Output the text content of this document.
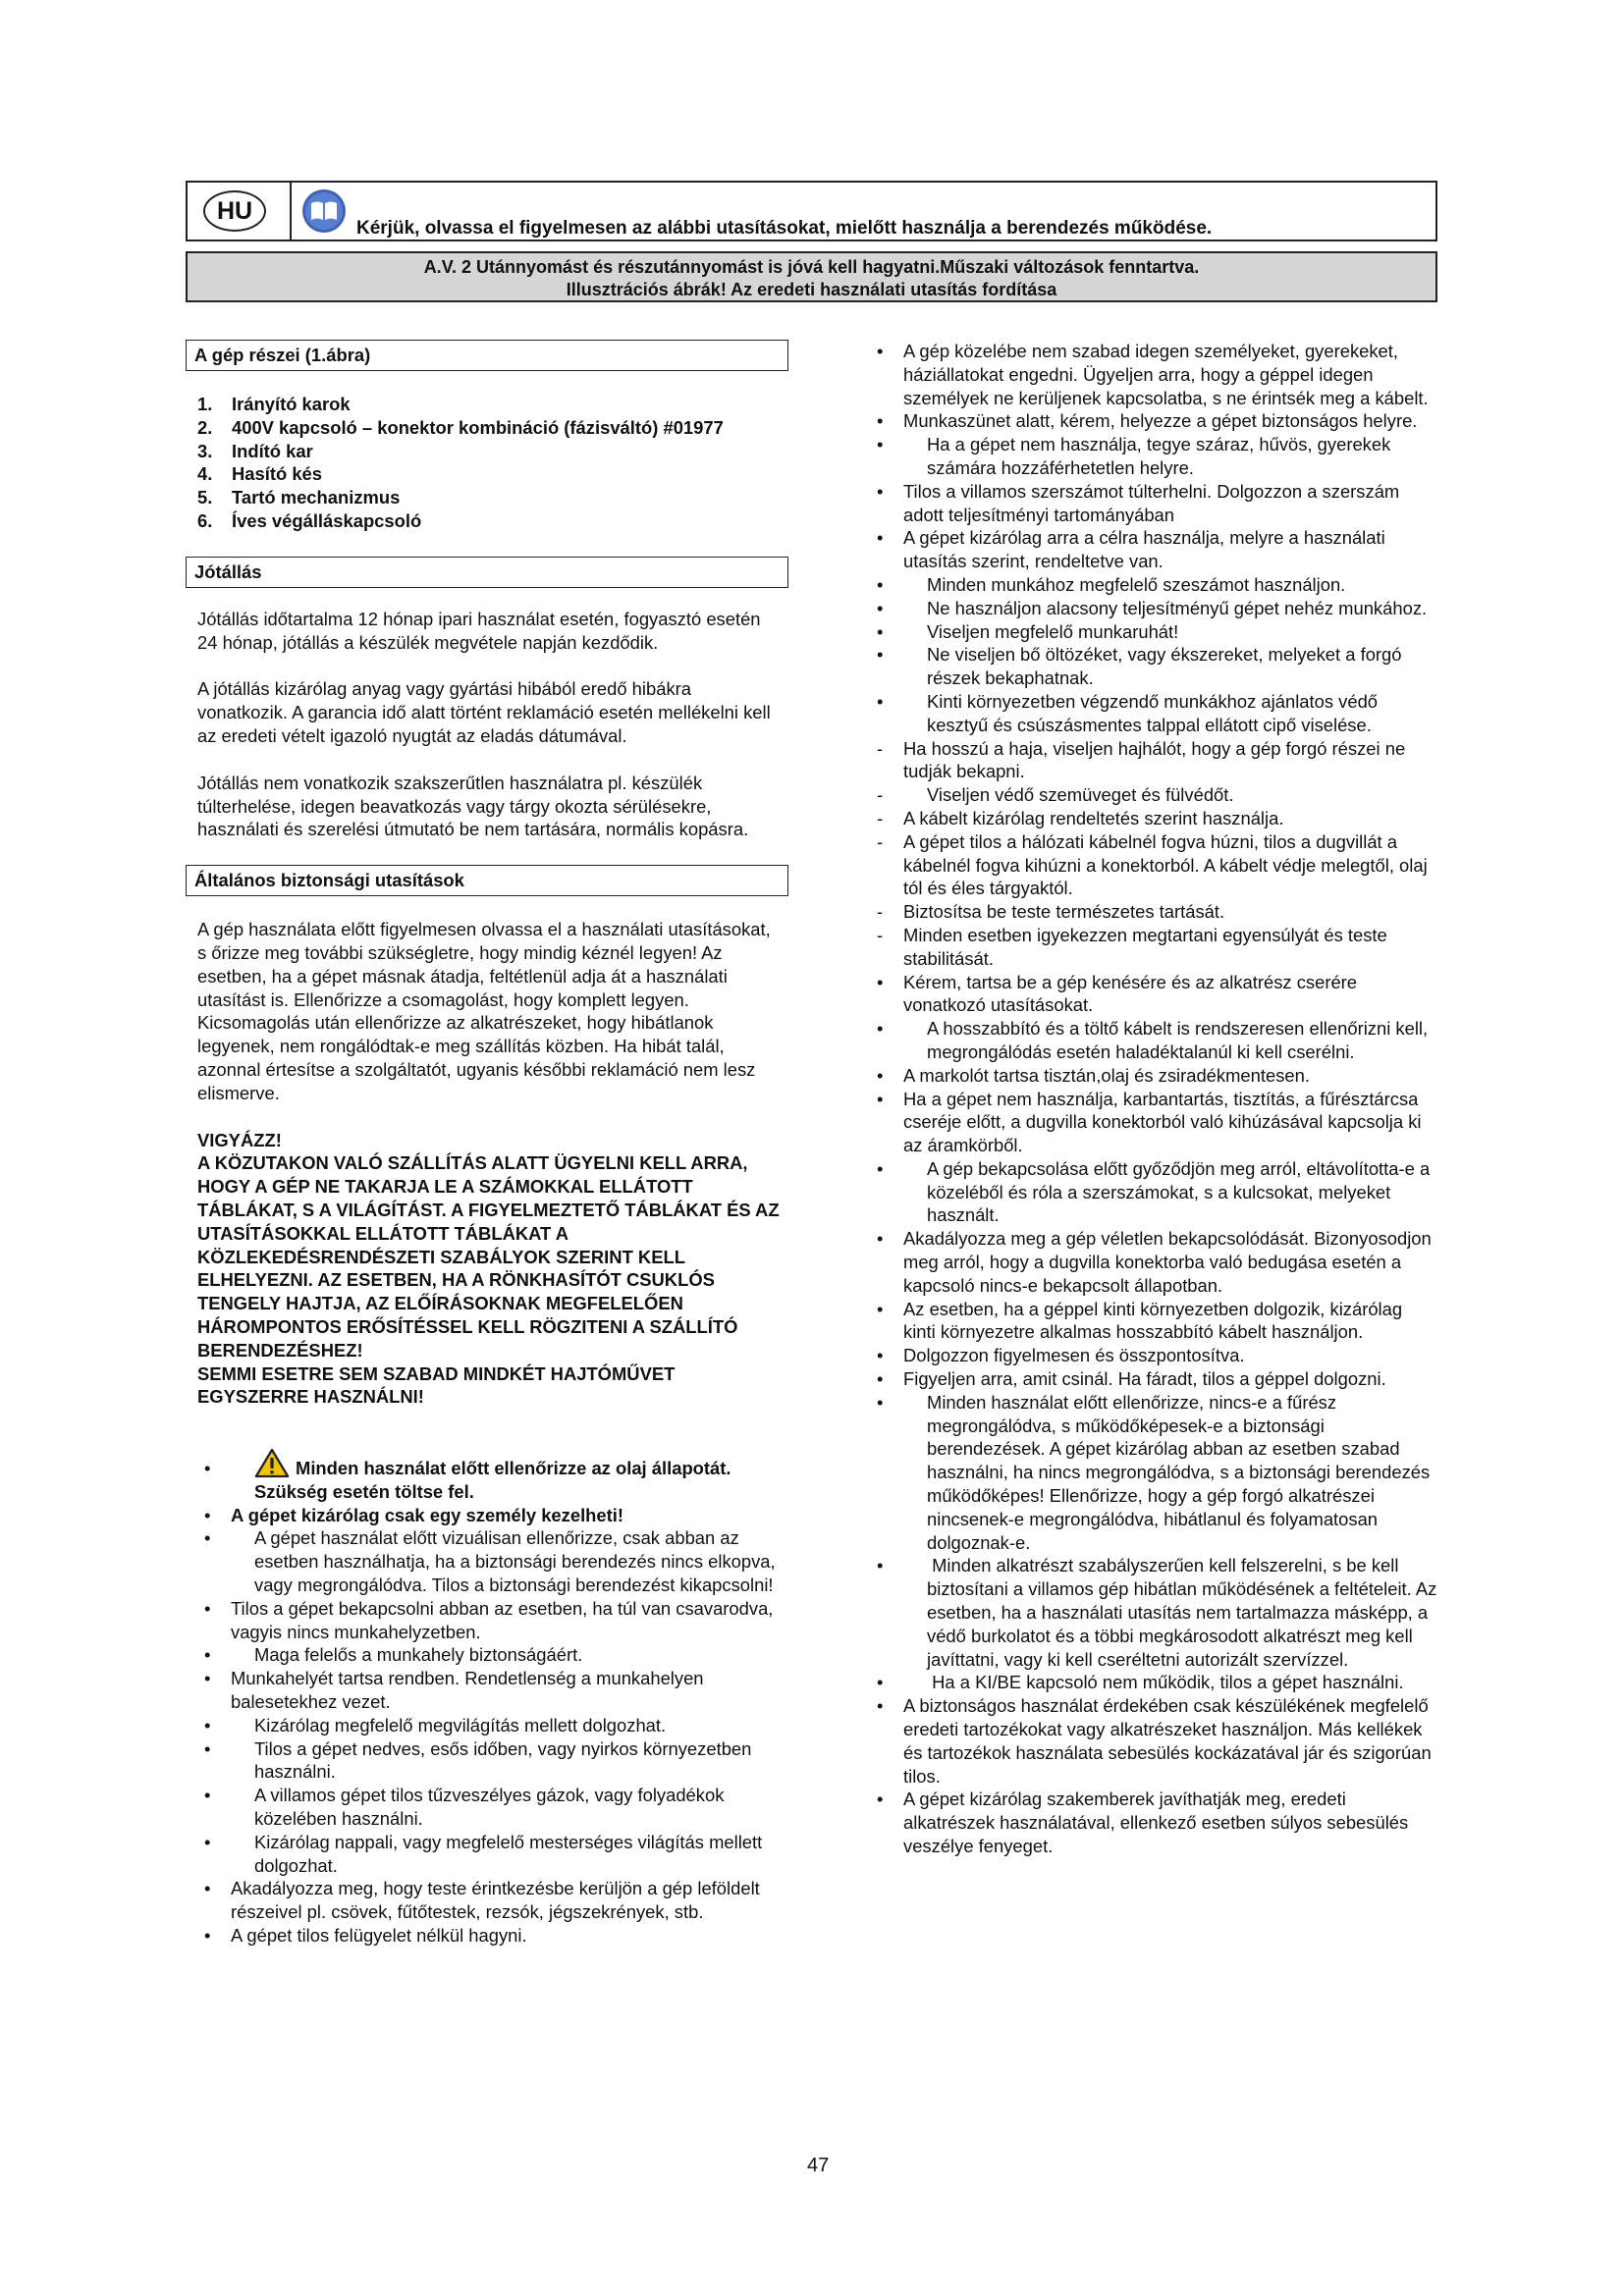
HU
Kérjük, olvassa el figyelmesen az alábbi utasításokat, mielőtt használja a berendezés működése.
A.V. 2 Utánnyomást és részutánnyomást is jóvá kell hagyatni.Műszaki változások fenntartva.
Illusztrációs ábrák! Az eredeti használati utasítás fordítása
A gép részei (1.ábra)
1. Irányító karok
2. 400V kapcsoló – konektor kombináció (fázisváltó) #01977
3. Indító kar
4. Hasító kés
5. Tartó mechanizmus
6. Íves végálláskapcsoló
Jótállás

Jótállás időtartalma 12 hónap ipari használat esetén, fogyasztó esetén 24 hónap, jótállás a készülék megvétele napján kezdődik.

A jótállás kizárólag anyag vagy gyártási hibából eredő hibákra vonatkozik. A garancia idő alatt történt reklamáció esetén mellékelni kell az eredeti vételt igazoló nyugtát az eladás dátumával.

Jótállás nem vonatkozik szakszerűtlen használatra pl. készülék túlterhelése, idegen beavatkozás vagy tárgy okozta sérülésekre, használati és szerelési útmutató be nem tartására, normális kopásra.

Általános biztonsági utasítások

A gép használata előtt figyelmesen olvassa el a használati utasításokat, s őrizze meg további szükségletre, hogy mindig kéznél legyen! Az esetben, ha a gépet másnak átadja, feltétlenül adja át a használati utasítást is. Ellenőrizze a csomagolást, hogy komplett legyen. Kicsomagolás után ellenőrizze az alkatrészeket, hogy hibátlanok legyenek, nem rongálódtak-e meg szállítás közben. Ha hibát talál, azonnal értesítse a szolgáltatót, ugyanis későbbi reklamáció nem lesz elismerve.

VIGYÁZZ!

A KÖZUTAKON VALÓ SZÁLLÍTÁS ALATT ÜGYELNI KELL ARRA, HOGY A GÉP NE TAKARJA LE A SZÁMOKKAL ELLÁTOTT TÁBLÁKAT, S A VILÁGÍTÁST. A FIGYELMEZTETŐ TÁBLÁKAT ÉS AZ UTASÍTÁSOKKAL ELLÁTOTT TÁBLÁKAT A KÖZLEKEDÉSRENDÉSZETI SZABÁLYOK SZERINT KELL ELHELYEZNI. AZ ESETBEN, HA A RÖNKHASÍTÓT CSUKLÓS TENGELY HAJTJA, AZ ELŐÍRÁSOKNAK MEGFELELŐEN HÁROMPONTOS ERŐSÍTÉSSEL KELL RÖGZITENI A SZÁLLÍTÓ BERENDEZÉSHEZ!

SEMMI ESETRE SEM SZABAD MINDKÉT HAJTÓMŰVET EGYSZERRE HASZNÁLNI!

•	Minden használat előtt ellenőrizze az olaj állapotát. Szükség esetén töltse fel.
• A gépet kizárólag csak egy személy kezelheti!
• A gépet használat előtt vizuálisan ellenőrizze, csak abban az esetben használhatja, ha a biztonsági berendezés nincs elkopva, vagy megrongálódva. Tilos a biztonsági berendezést kikapcsolni!
• Tilos a gépet bekapcsolni abban az esetben, ha túl van csavarodva, vagyis nincs munkahelyzetben.
• Maga felelős a munkahely biztonságáért.
• Munkahelyét tartsa rendben. Rendetlenség a munkahelyen balesetekhez vezet.
• Kizárólag megfelelő megvilágítás mellett dolgozhat.
• Tilos a gépet nedves, esős időben, vagy nyirkos környezetben használni.
• A villamos gépet tilos tűzveszélyes gázok, vagy folyadékok közelében használni.
• Kizárólag nappali, vagy megfelelő mesterséges világítás mellett dolgozhat.
• Akadályozza meg, hogy teste érintkezésbe kerüljön a gép leföldelt részeivel pl. csövek, fűtőtestek, rezsók, jégszekrények, stb.
• A gépet tilos felügyelet nélkül hagyni.
• A gép közelébe nem szabad idegen személyeket, gyerekeket, háziállatokat engedni. Ügyeljen arra, hogy a géppel idegen személyek ne kerüljenek kapcsolatba, s ne érintsék meg a kábelt.
• Munkaszünet alatt, kérem, helyezze a gépet biztonságos helyre.
• Ha a gépet nem használja, tegye száraz, hűvös, gyerekek számára hozzáférhetetlen helyre.
• Tilos a villamos szerszámot túlterhelni. Dolgozzon a szerszám adott teljesítményi tartományában
• A gépet kizárólag arra a célra használja, melyre a használati utasítás szerint, rendeltetve van.
• Minden munkához megfelelő szeszámot használjon.
• Ne használjon alacsony teljesítményű gépet nehéz munkához.
• Viseljen megfelelő munkaruhát!
• Ne viseljen bő öltözéket, vagy ékszereket, melyeket a forgó részek bekaphatnak.
• Kinti környezetben végzendő munkákhoz ajánlatos védő kesztyű és csúszásmentes talppal ellátott cipő viselése.
- Ha hosszú a haja, viseljen hajhálót, hogy a gép forgó részei ne tudják bekapni.
- Viseljen védő szemüveget és fülvédőt.
- A kábelt kizárólag rendeltetés szerint használja.
- A gépet tilos a hálózati kábelnél fogva húzni, tilos a dugvillát a kábelnél fogva kihúzni a konektorból. A kábelt védje melegtől, olaj tól és éles tárgyaktól.
- Biztosítsa be teste természetes tartását.
- Minden esetben igyekezzen megtartani egyensúlyát és teste stabilitását.
• Kérem, tartsa be a gép kenésére és az alkatrész cserére vonatkozó utasításokat.
• A hosszabbító és a töltő kábelt is rendszeresen ellenőrizni kell, megrongálódás esetén haladéktalanúl ki kell cserélni.
• A markolót tartsa tisztán,olaj és zsiradékmentesen.
• Ha a gépet nem használja, karbantartás, tisztítás, a fűrésztárcsa cseréje előtt, a dugvilla konektorból való kihúzásával kapcsolja ki az áramkörből.
• A gép bekapcsolása előtt győződjön meg arról, eltávolította-e a közeléből és róla a szerszámokat, s a kulcsokat, melyeket használt.
• Akadályozza meg a gép véletlen bekapcsolódását. Bizonyosodjon meg arról, hogy a dugvilla konektorba való bedugása esetén a kapcsoló nincs-e bekapcsolt állapotban.
• Az esetben, ha a géppel kinti környezetben dolgozik, kizárólag kinti környezetre alkalmas hosszabbító kábelt használjon.
• Dolgozzon figyelmesen és összpontosítva.
• Figyeljen arra, amit csinál. Ha fáradt, tilos a géppel dolgozni.
• Minden használat előtt ellenőrizze, nincs-e a fűrész megrongálódva, s működőképesek-e a biztonsági berendezések. A gépet kizárólag abban az esetben szabad használni, ha nincs megrongálódva, s a biztonsági berendezés működőképes! Ellenőrizze, hogy a gép forgó alkatrészei nincsenek-e megrongálódva, hibátlanul és folyamatosan dolgoznak-e.
• Minden alkatrészt szabályszerűen kell felszerelni, s be kell biztosítani a villamos gép hibátlan működésének a feltételeit. Az esetben, ha a használati utasítás nem tartalmazza másképp, a védő burkolatot és a többi megkárosodott alkatrészt meg kell javíttatni, vagy ki kell cseréltetni autorizált szervízzel.
• Ha a KI/BE kapcsoló nem működik, tilos a gépet használni.
• A biztonságos használat érdekében csak készülékének megfelelő eredeti tartozékokat vagy alkatrészeket használjon. Más kellékek és tartozékok használata sebesülés kockázatával jár és szigorúan tilos.
• A gépet kizárólag szakemberek javíthatják meg, eredeti alkatrészek használatával, ellenkező esetben súlyos sebesülés veszélye fenyeget.
47
